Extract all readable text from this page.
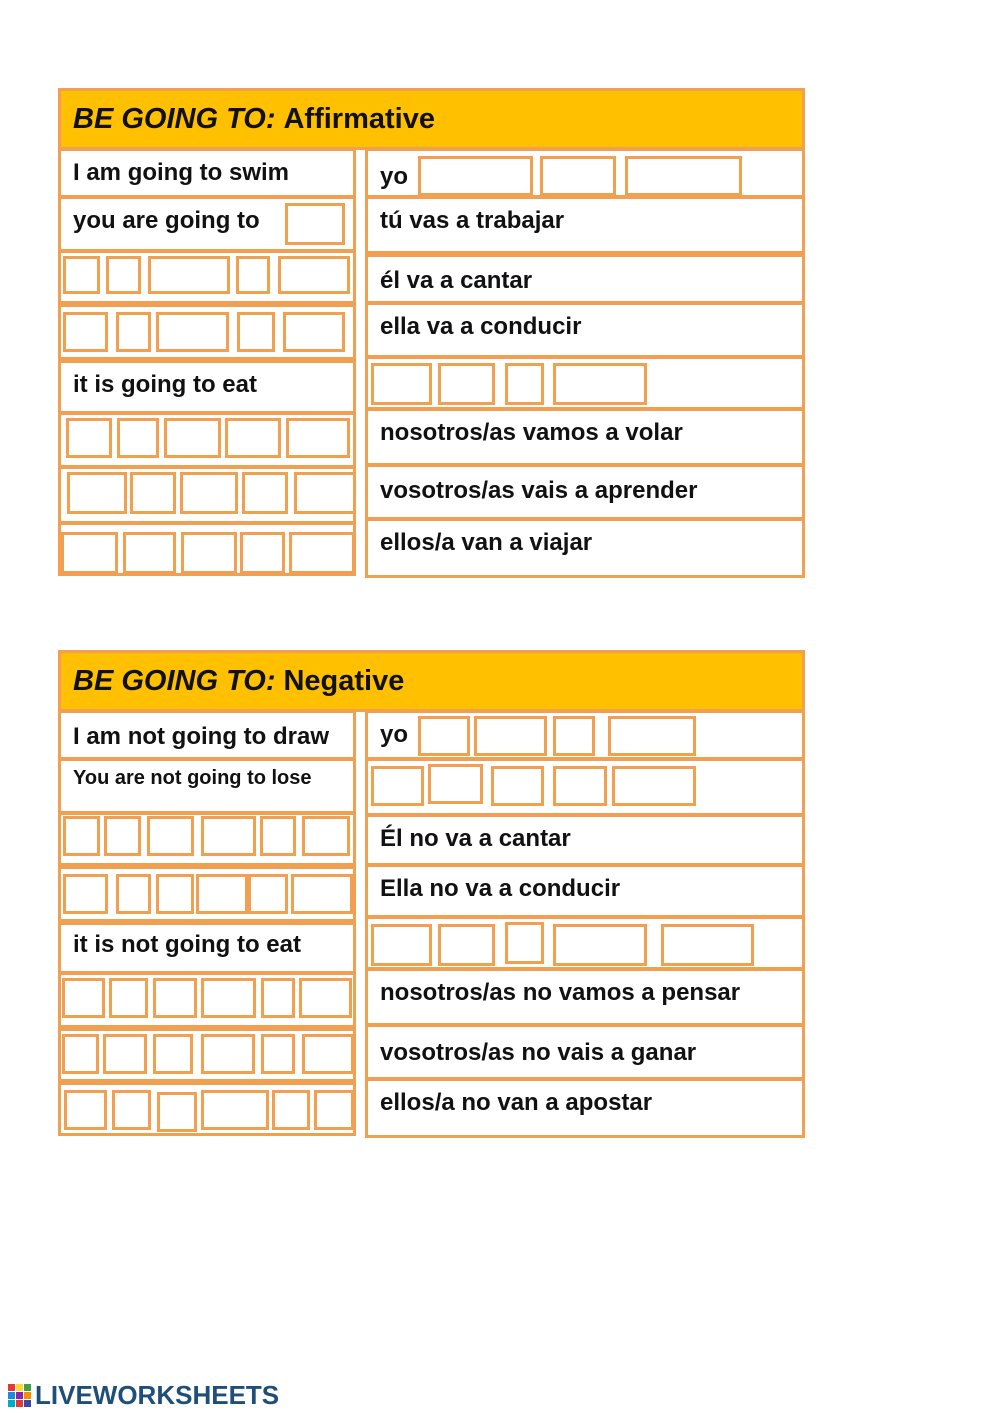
BE GOING TO: Affirmative
I am going to swim
you are going to
it is going to eat
yo
tú vas a trabajar
él va a cantar
ella va a conducir
nosotros/as vamos a volar
vosotros/as vais a aprender
ellos/a van a viajar
BE GOING TO: Negative
I am not going to draw
You are not going to lose
it is not going to eat
yo
Él no va a cantar
Ella no va a conducir
nosotros/as no vamos a pensar
vosotros/as no vais a ganar
ellos/a no van a apostar
LIVEWORKSHEETS
